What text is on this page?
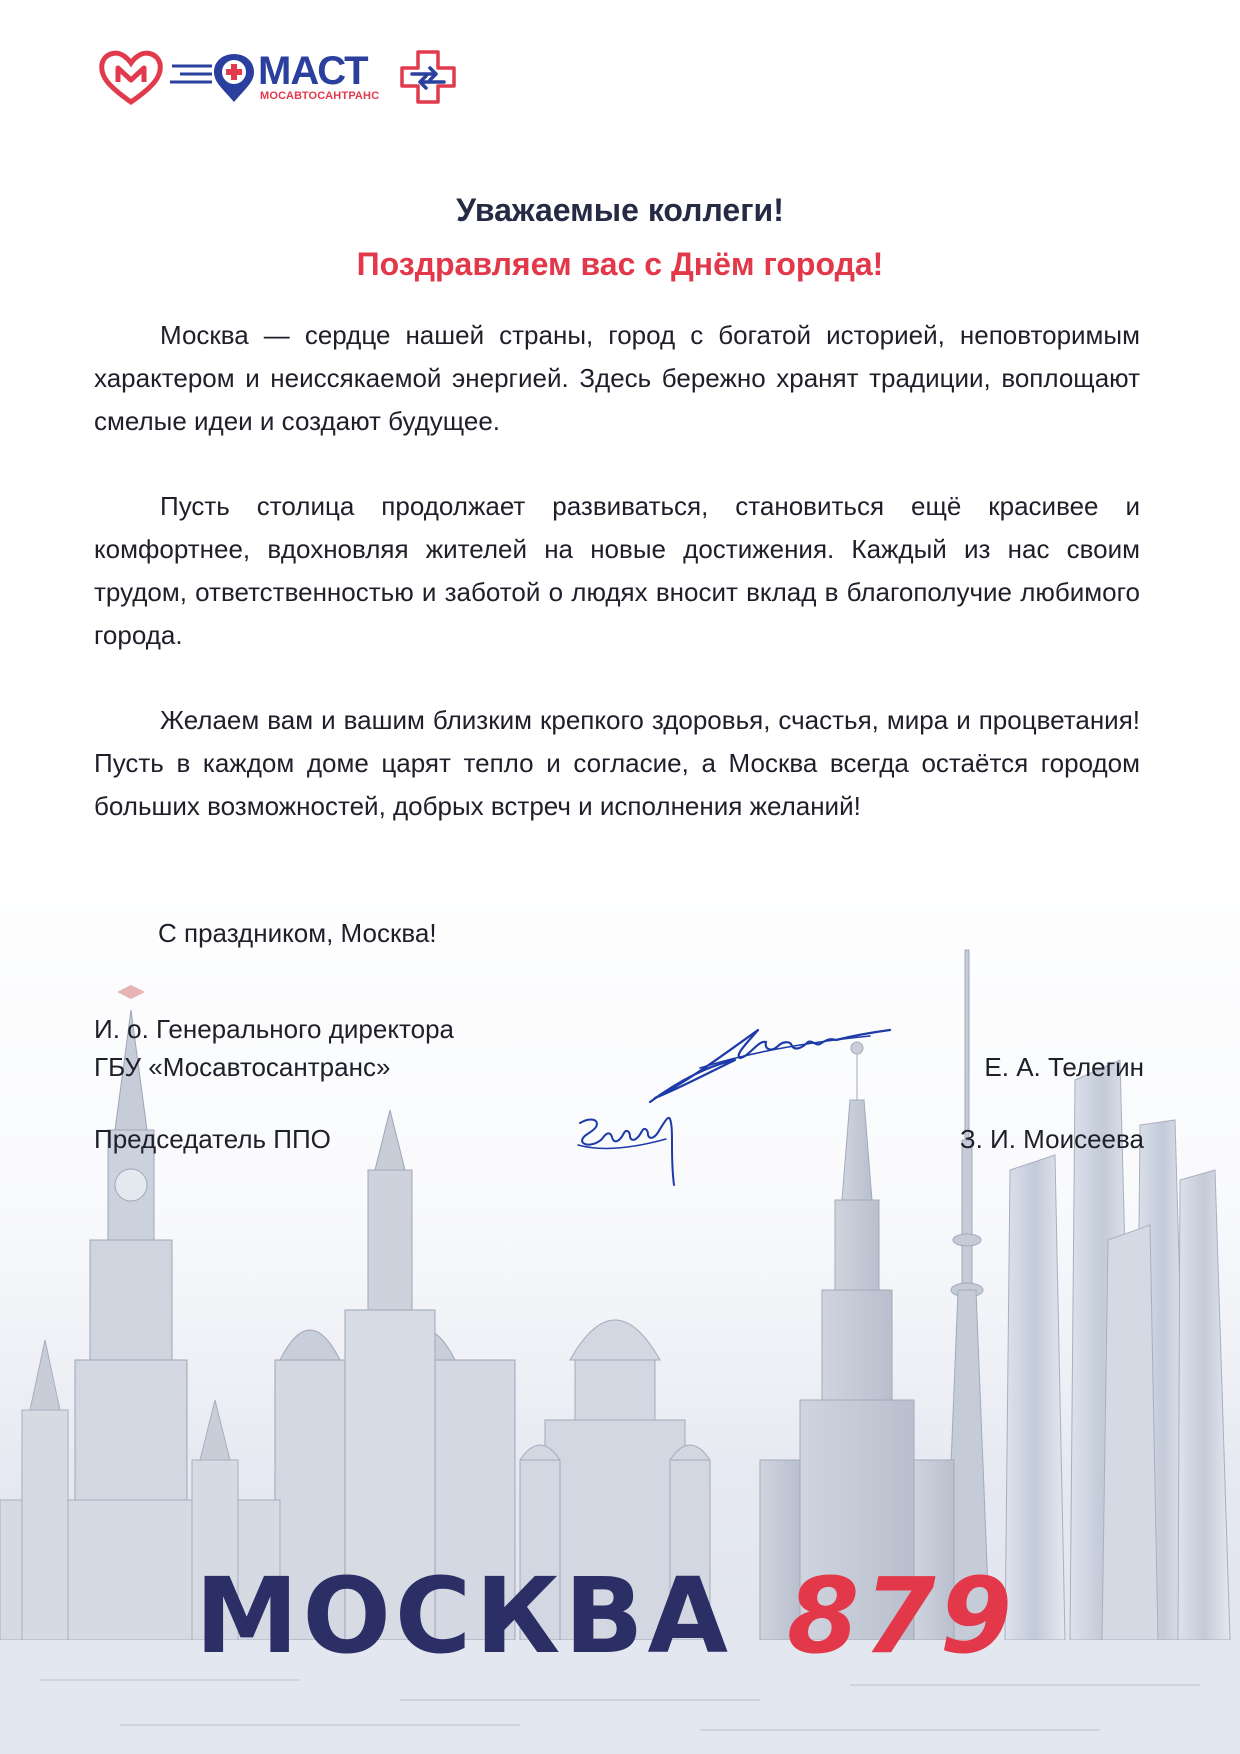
МАСТ
МОСАВТОСАНТРАНС
Уважаемые коллеги!
Поздравляем вас с Днём города!

Москва — сердце нашей страны, город с богатой историей, неповторимым характером и неиссякаемой энергией. Здесь бережно хранят традиции, воплощают смелые идеи и создают будущее.

Пусть столица продолжает развиваться, становиться ещё красивее и комфортнее, вдохновляя жителей на новые достижения. Каждый из нас своим трудом, ответственностью и заботой о людях вносит вклад в благополучие любимого города.

Желаем вам и вашим близким крепкого здоровья, счастья, мира и процветания! Пусть в каждом доме царят тепло и согласие, а Москва всегда остаётся городом больших возможностей, добрых встреч и исполнения желаний!

С праздником, Москва!
И. о. Генерального директора
ГБУ «Мосавтосантранс»	Е. А. Телегин
Председатель ППО	З. И. Моисеева
МОСКВА 879
